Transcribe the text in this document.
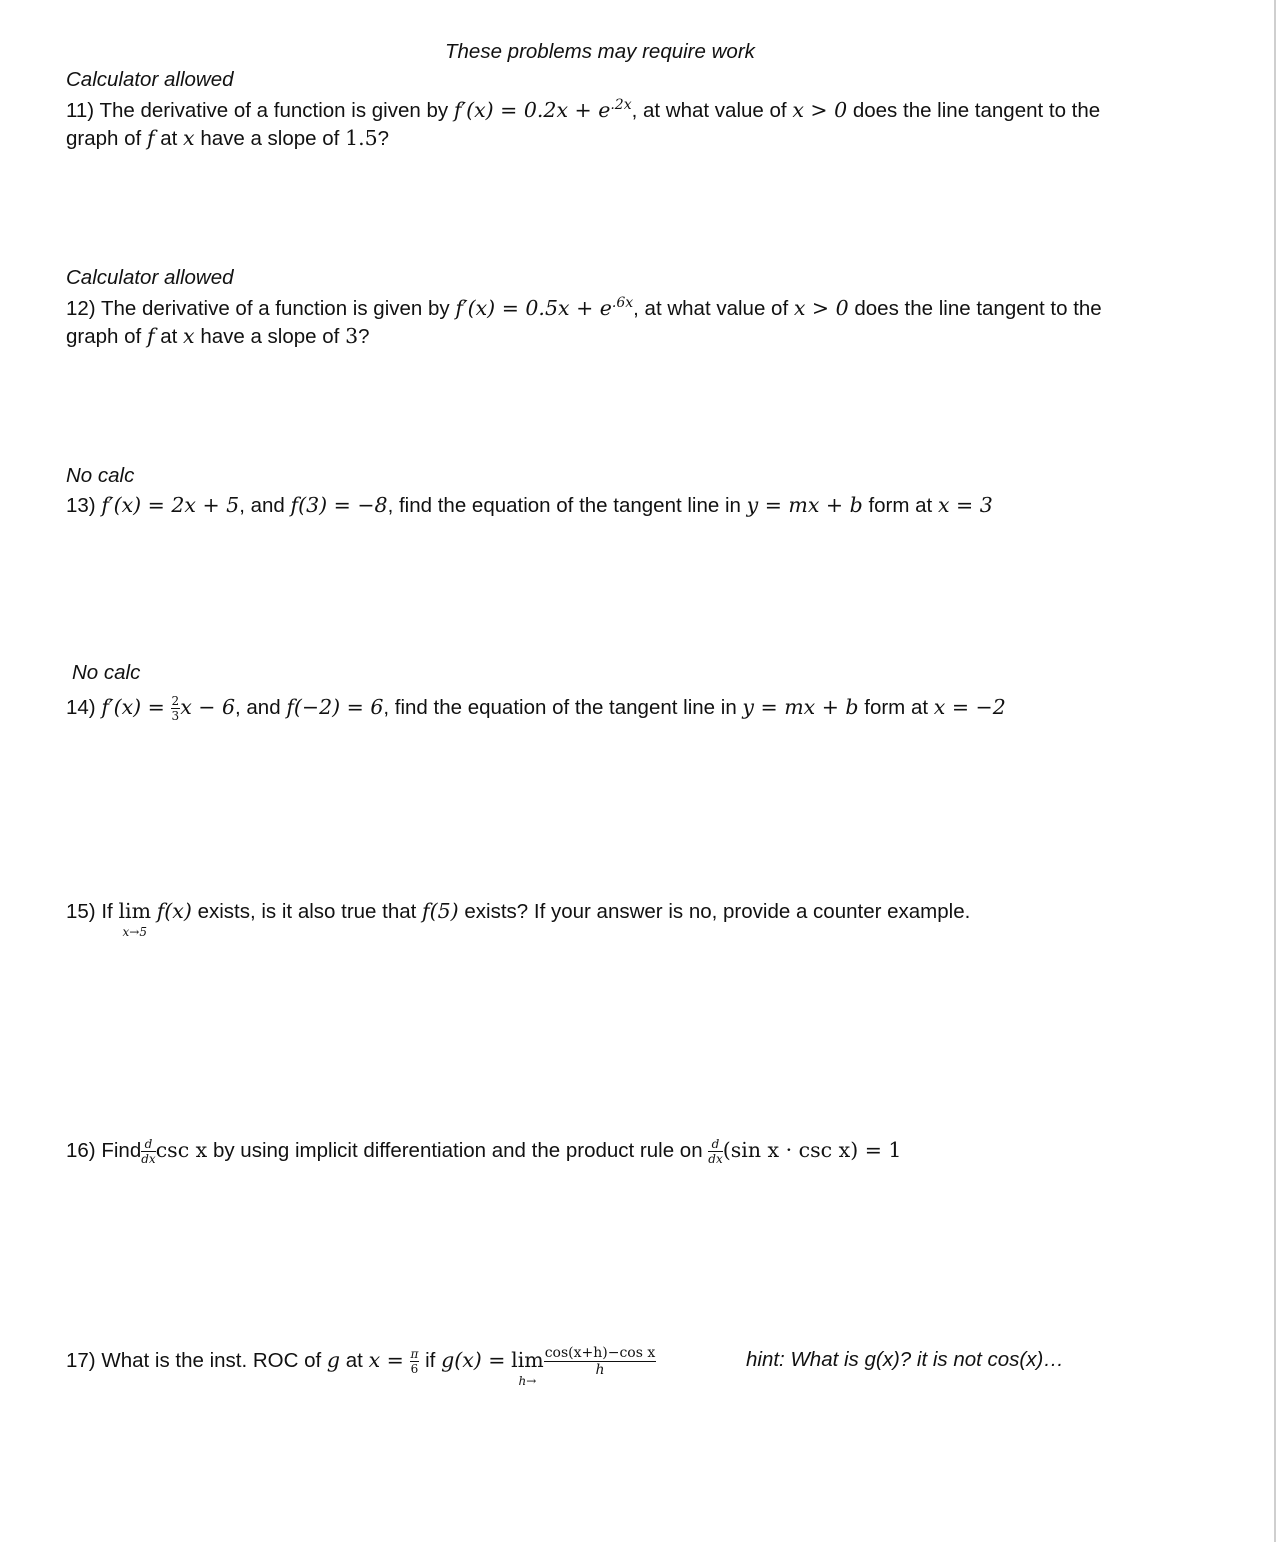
These problems may require work
Calculator allowed
11) The derivative of a function is given by $f'(x) = 0.2x + e^{.2x}$, at what value of x > 0 does the line tangent to the
graph of f at x have a slope of 1.5?
Calculator allowed
12) The derivative of a function is given by $f'(x) = 0.5x + e^{.6x}$, at what value of x > 0 does the line tangent to the
graph of f at x have a slope of 3?
No calc
13) f′(x) = 2x + 5, and f(3) = −8, find the equation of the tangent line in y = mx + b form at x = 3
No calc
14) $f'(x) = \frac{2}{3}$ x − 6, and f(−2) = 6, find the equation of the tangent line in y = mx + b form at x = −2
15) If lim
x→5
f(x) exists, is it also true that f(5) exists? If your answer is no, provide a counter example.
16) Find $\frac{d}{dx}$ csc x by using implicit differentiation and the product rule on $\frac{d}{dx} (\sin$ x · csc x) = 1
17) What is the inst. ROC of g at $x = \frac{\pi}{6}$ if g(x) = lim
h→
$\frac{\text{cos(x+h)−cos x}}{h}$	hint: What is g(x)? it is not cos(x)…
